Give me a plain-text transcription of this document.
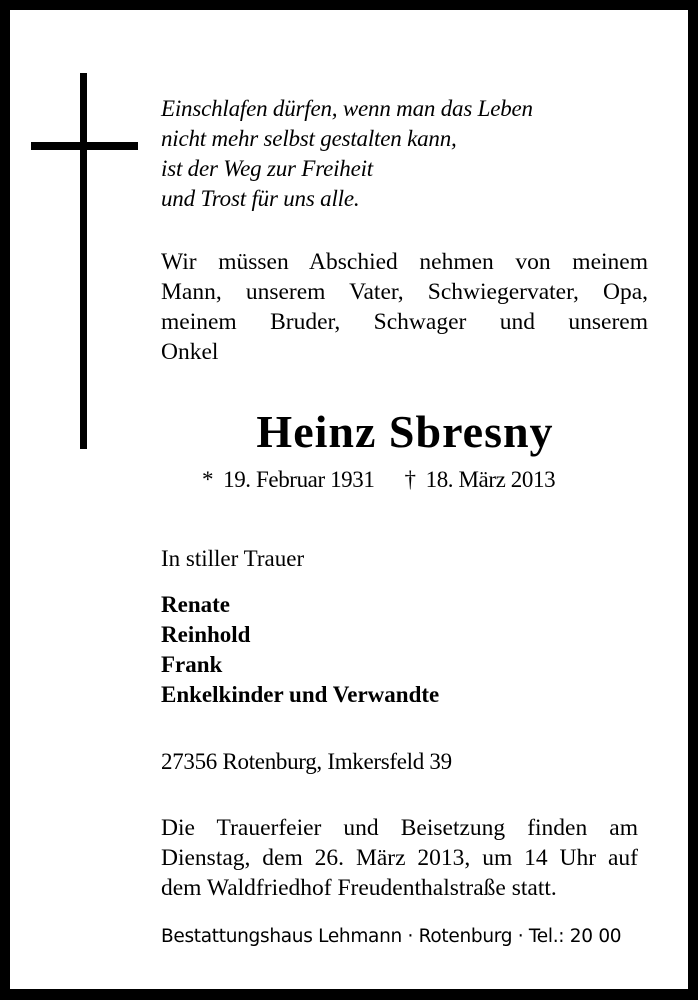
Einschlafen dürfen, wenn man das Leben
nicht mehr selbst gestalten kann,
ist der Weg zur Freiheit
und Trost für uns alle.
Wir müssen Abschied nehmen von meinem
Mann, unserem Vater, Schwiegervater, Opa,
meinem Bruder, Schwager und unserem
Onkel
Heinz Sbresny
* 19. Februar 1931 † 18. März 2013
In stiller Trauer
Renate
Reinhold
Frank
Enkelkinder und Verwandte
27356 Rotenburg, Imkersfeld 39
Die Trauerfeier und Beisetzung finden am
Dienstag, dem 26. März 2013, um 14 Uhr auf
dem Waldfriedhof Freudenthalstraße statt.
Bestattungshaus Lehmann · Rotenburg · Tel.: 20 00
